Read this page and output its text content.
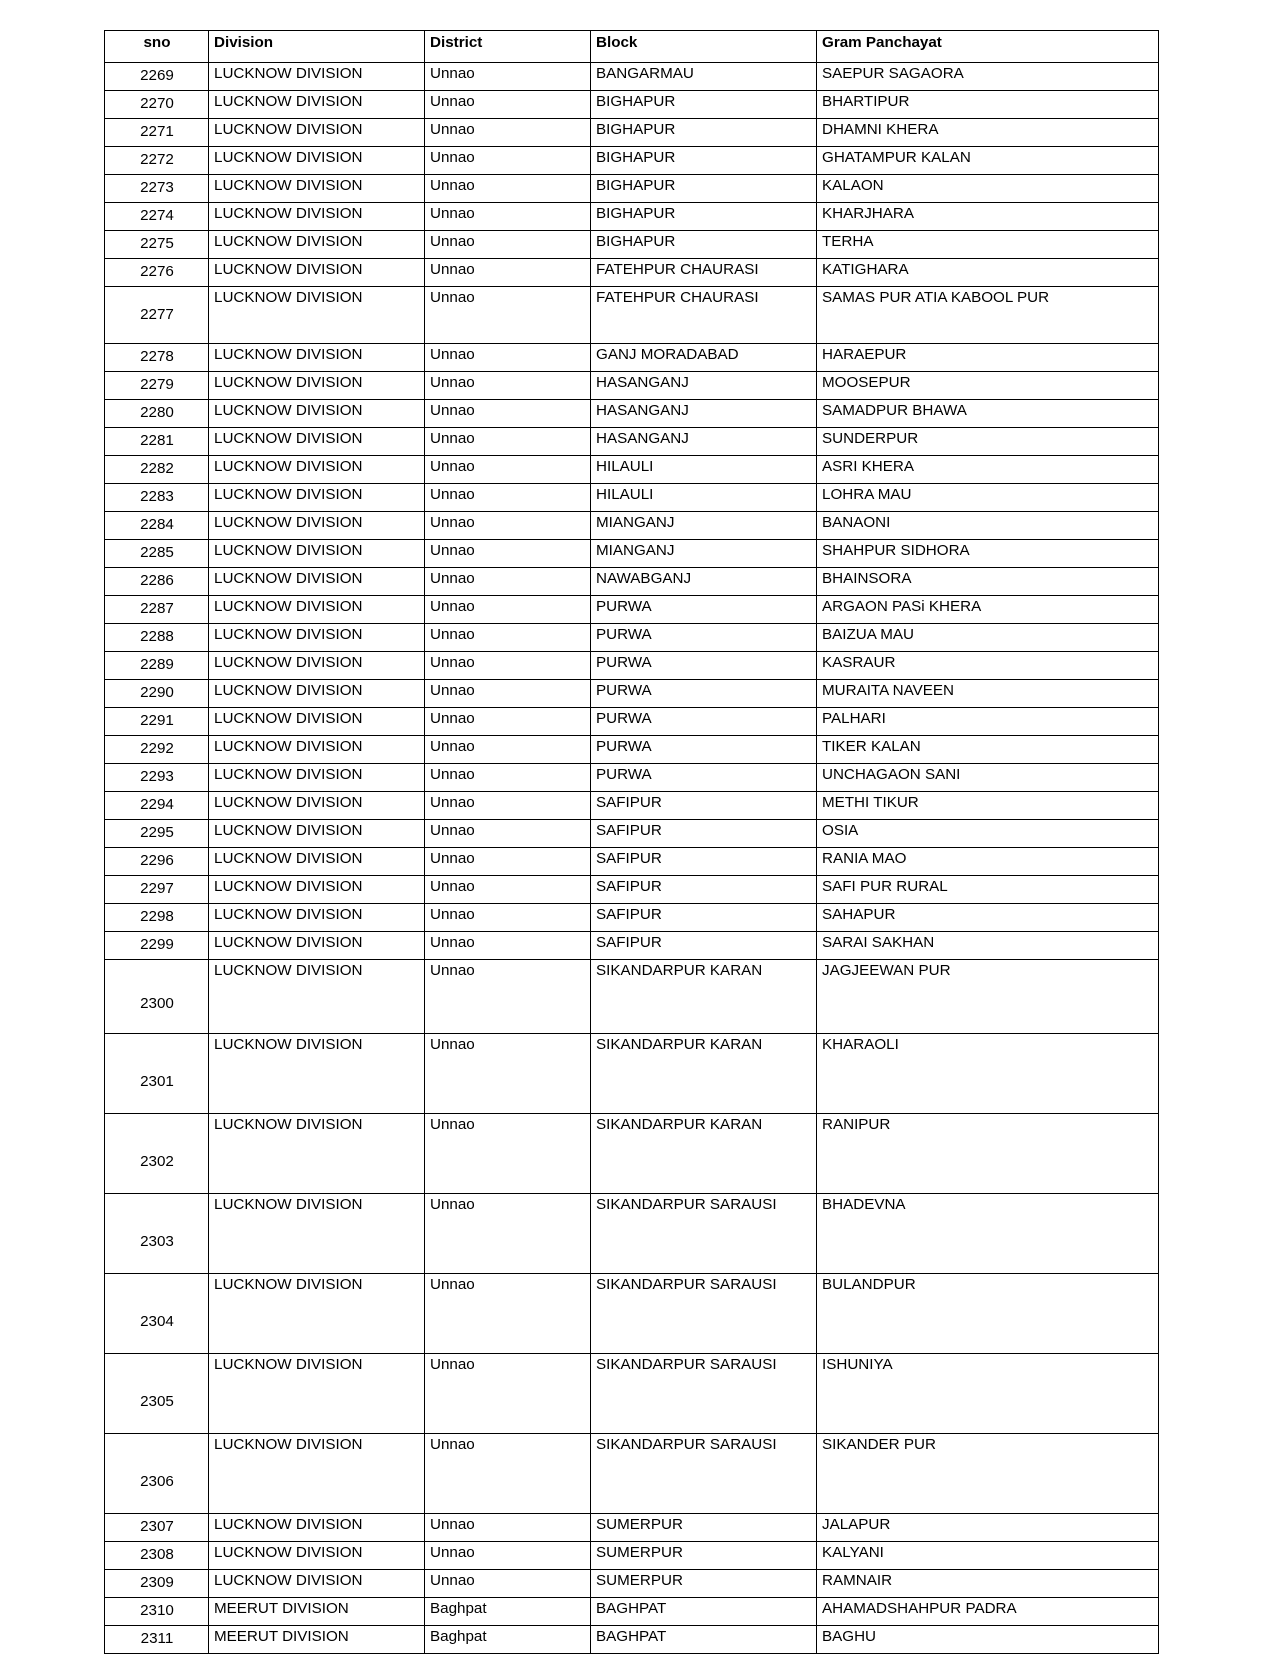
sno	Division	District	Block	Gram Panchayat
2269	LUCKNOW DIVISION	Unnao	BANGARMAU	SAEPUR SAGAORA
2270	LUCKNOW DIVISION	Unnao	BIGHAPUR	BHARTIPUR
2271	LUCKNOW DIVISION	Unnao	BIGHAPUR	DHAMNI KHERA
2272	LUCKNOW DIVISION	Unnao	BIGHAPUR	GHATAMPUR KALAN
2273	LUCKNOW DIVISION	Unnao	BIGHAPUR	KALAON
2274	LUCKNOW DIVISION	Unnao	BIGHAPUR	KHARJHARA
2275	LUCKNOW DIVISION	Unnao	BIGHAPUR	TERHA
2276	LUCKNOW DIVISION	Unnao	FATEHPUR CHAURASI	KATIGHARA
2277	LUCKNOW DIVISION	Unnao	FATEHPUR CHAURASI	SAMAS PUR ATIA KABOOL PUR
2278	LUCKNOW DIVISION	Unnao	GANJ MORADABAD	HARAEPUR
2279	LUCKNOW DIVISION	Unnao	HASANGANJ	MOOSEPUR
2280	LUCKNOW DIVISION	Unnao	HASANGANJ	SAMADPUR BHAWA
2281	LUCKNOW DIVISION	Unnao	HASANGANJ	SUNDERPUR
2282	LUCKNOW DIVISION	Unnao	HILAULI	ASRI KHERA
2283	LUCKNOW DIVISION	Unnao	HILAULI	LOHRA MAU
2284	LUCKNOW DIVISION	Unnao	MIANGANJ	BANAONI
2285	LUCKNOW DIVISION	Unnao	MIANGANJ	SHAHPUR SIDHORA
2286	LUCKNOW DIVISION	Unnao	NAWABGANJ	BHAINSORA
2287	LUCKNOW DIVISION	Unnao	PURWA	ARGAON PASi KHERA
2288	LUCKNOW DIVISION	Unnao	PURWA	BAIZUA MAU
2289	LUCKNOW DIVISION	Unnao	PURWA	KASRAUR
2290	LUCKNOW DIVISION	Unnao	PURWA	MURAITA NAVEEN
2291	LUCKNOW DIVISION	Unnao	PURWA	PALHARI
2292	LUCKNOW DIVISION	Unnao	PURWA	TIKER KALAN
2293	LUCKNOW DIVISION	Unnao	PURWA	UNCHAGAON SANI
2294	LUCKNOW DIVISION	Unnao	SAFIPUR	METHI TIKUR
2295	LUCKNOW DIVISION	Unnao	SAFIPUR	OSIA
2296	LUCKNOW DIVISION	Unnao	SAFIPUR	RANIA MAO
2297	LUCKNOW DIVISION	Unnao	SAFIPUR	SAFI PUR RURAL
2298	LUCKNOW DIVISION	Unnao	SAFIPUR	SAHAPUR
2299	LUCKNOW DIVISION	Unnao	SAFIPUR	SARAI SAKHAN
2300	LUCKNOW DIVISION	Unnao	SIKANDARPUR KARAN	JAGJEEWAN PUR
2301	LUCKNOW DIVISION	Unnao	SIKANDARPUR KARAN	KHARAOLI
2302	LUCKNOW DIVISION	Unnao	SIKANDARPUR KARAN	RANIPUR
2303	LUCKNOW DIVISION	Unnao	SIKANDARPUR SARAUSI	BHADEVNA
2304	LUCKNOW DIVISION	Unnao	SIKANDARPUR SARAUSI	BULANDPUR
2305	LUCKNOW DIVISION	Unnao	SIKANDARPUR SARAUSI	ISHUNIYA
2306	LUCKNOW DIVISION	Unnao	SIKANDARPUR SARAUSI	SIKANDER PUR
2307	LUCKNOW DIVISION	Unnao	SUMERPUR	JALAPUR
2308	LUCKNOW DIVISION	Unnao	SUMERPUR	KALYANI
2309	LUCKNOW DIVISION	Unnao	SUMERPUR	RAMNAIR
2310	MEERUT DIVISION	Baghpat	BAGHPAT	AHAMADSHAHPUR PADRA
2311	MEERUT DIVISION	Baghpat	BAGHPAT	BAGHU
